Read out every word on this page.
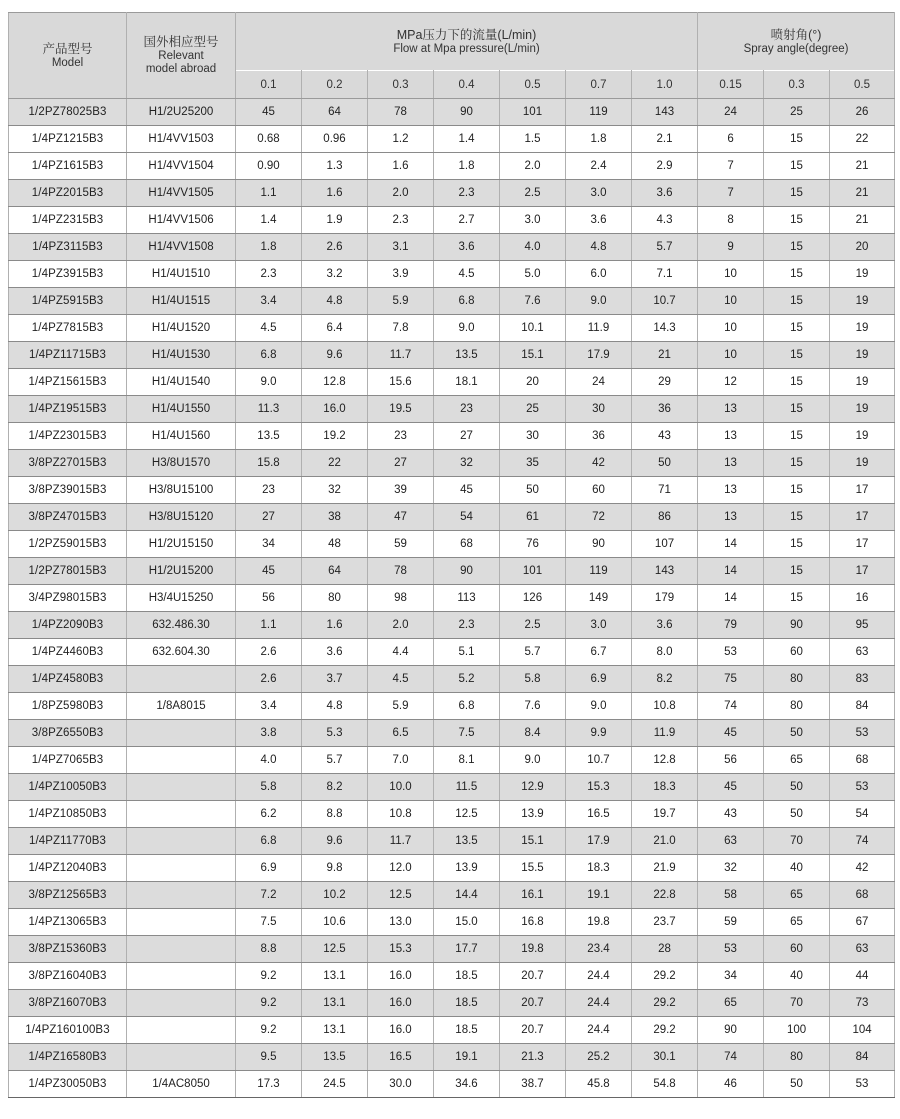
产品型号
Model	国外相应型号
Relevant
model abroad	MPa压力下的流量(L/min)
Flow at Mpa pressure(L/min)							喷射角(°)
Spray angle(degree)		

		0.1	0.2	0.3	0.4	0.5	0.7	1.0	0.15	0.3	0.5
1/2PZ78025B3	H1/2U25200	45	64	78	90	101	119	143	24	25	26
1/4PZ1215B3	H1/4VV1503	0.68	0.96	1.2	1.4	1.5	1.8	2.1	6	15	22
1/4PZ1615B3	H1/4VV1504	0.90	1.3	1.6	1.8	2.0	2.4	2.9	7	15	21
1/4PZ2015B3	H1/4VV1505	1.1	1.6	2.0	2.3	2.5	3.0	3.6	7	15	21
1/4PZ2315B3	H1/4VV1506	1.4	1.9	2.3	2.7	3.0	3.6	4.3	8	15	21
1/4PZ3115B3	H1/4VV1508	1.8	2.6	3.1	3.6	4.0	4.8	5.7	9	15	20
1/4PZ3915B3	H1/4U1510	2.3	3.2	3.9	4.5	5.0	6.0	7.1	10	15	19
1/4PZ5915B3	H1/4U1515	3.4	4.8	5.9	6.8	7.6	9.0	10.7	10	15	19
1/4PZ7815B3	H1/4U1520	4.5	6.4	7.8	9.0	10.1	11.9	14.3	10	15	19
1/4PZ11715B3	H1/4U1530	6.8	9.6	11.7	13.5	15.1	17.9	21	10	15	19
1/4PZ15615B3	H1/4U1540	9.0	12.8	15.6	18.1	20	24	29	12	15	19
1/4PZ19515B3	H1/4U1550	11.3	16.0	19.5	23	25	30	36	13	15	19
1/4PZ23015B3	H1/4U1560	13.5	19.2	23	27	30	36	43	13	15	19
3/8PZ27015B3	H3/8U1570	15.8	22	27	32	35	42	50	13	15	19
3/8PZ39015B3	H3/8U15100	23	32	39	45	50	60	71	13	15	17
3/8PZ47015B3	H3/8U15120	27	38	47	54	61	72	86	13	15	17
1/2PZ59015B3	H1/2U15150	34	48	59	68	76	90	107	14	15	17
1/2PZ78015B3	H1/2U15200	45	64	78	90	101	119	143	14	15	17
3/4PZ98015B3	H3/4U15250	56	80	98	113	126	149	179	14	15	16
1/4PZ2090B3	632.486.30	1.1	1.6	2.0	2.3	2.5	3.0	3.6	79	90	95
1/4PZ4460B3	632.604.30	2.6	3.6	4.4	5.1	5.7	6.7	8.0	53	60	63
1/4PZ4580B3		2.6	3.7	4.5	5.2	5.8	6.9	8.2	75	80	83
1/8PZ5980B3	1/8A8015	3.4	4.8	5.9	6.8	7.6	9.0	10.8	74	80	84
3/8PZ6550B3		3.8	5.3	6.5	7.5	8.4	9.9	11.9	45	50	53
1/4PZ7065B3		4.0	5.7	7.0	8.1	9.0	10.7	12.8	56	65	68
1/4PZ10050B3		5.8	8.2	10.0	11.5	12.9	15.3	18.3	45	50	53
1/4PZ10850B3		6.2	8.8	10.8	12.5	13.9	16.5	19.7	43	50	54
1/4PZ11770B3		6.8	9.6	11.7	13.5	15.1	17.9	21.0	63	70	74
1/4PZ12040B3		6.9	9.8	12.0	13.9	15.5	18.3	21.9	32	40	42
3/8PZ12565B3		7.2	10.2	12.5	14.4	16.1	19.1	22.8	58	65	68
1/4PZ13065B3		7.5	10.6	13.0	15.0	16.8	19.8	23.7	59	65	67
3/8PZ15360B3		8.8	12.5	15.3	17.7	19.8	23.4	28	53	60	63
3/8PZ16040B3		9.2	13.1	16.0	18.5	20.7	24.4	29.2	34	40	44
3/8PZ16070B3		9.2	13.1	16.0	18.5	20.7	24.4	29.2	65	70	73
1/4PZ160100B3		9.2	13.1	16.0	18.5	20.7	24.4	29.2	90	100	104
1/4PZ16580B3		9.5	13.5	16.5	19.1	21.3	25.2	30.1	74	80	84
1/4PZ30050B3	1/4AC8050	17.3	24.5	30.0	34.6	38.7	45.8	54.8	46	50	53
